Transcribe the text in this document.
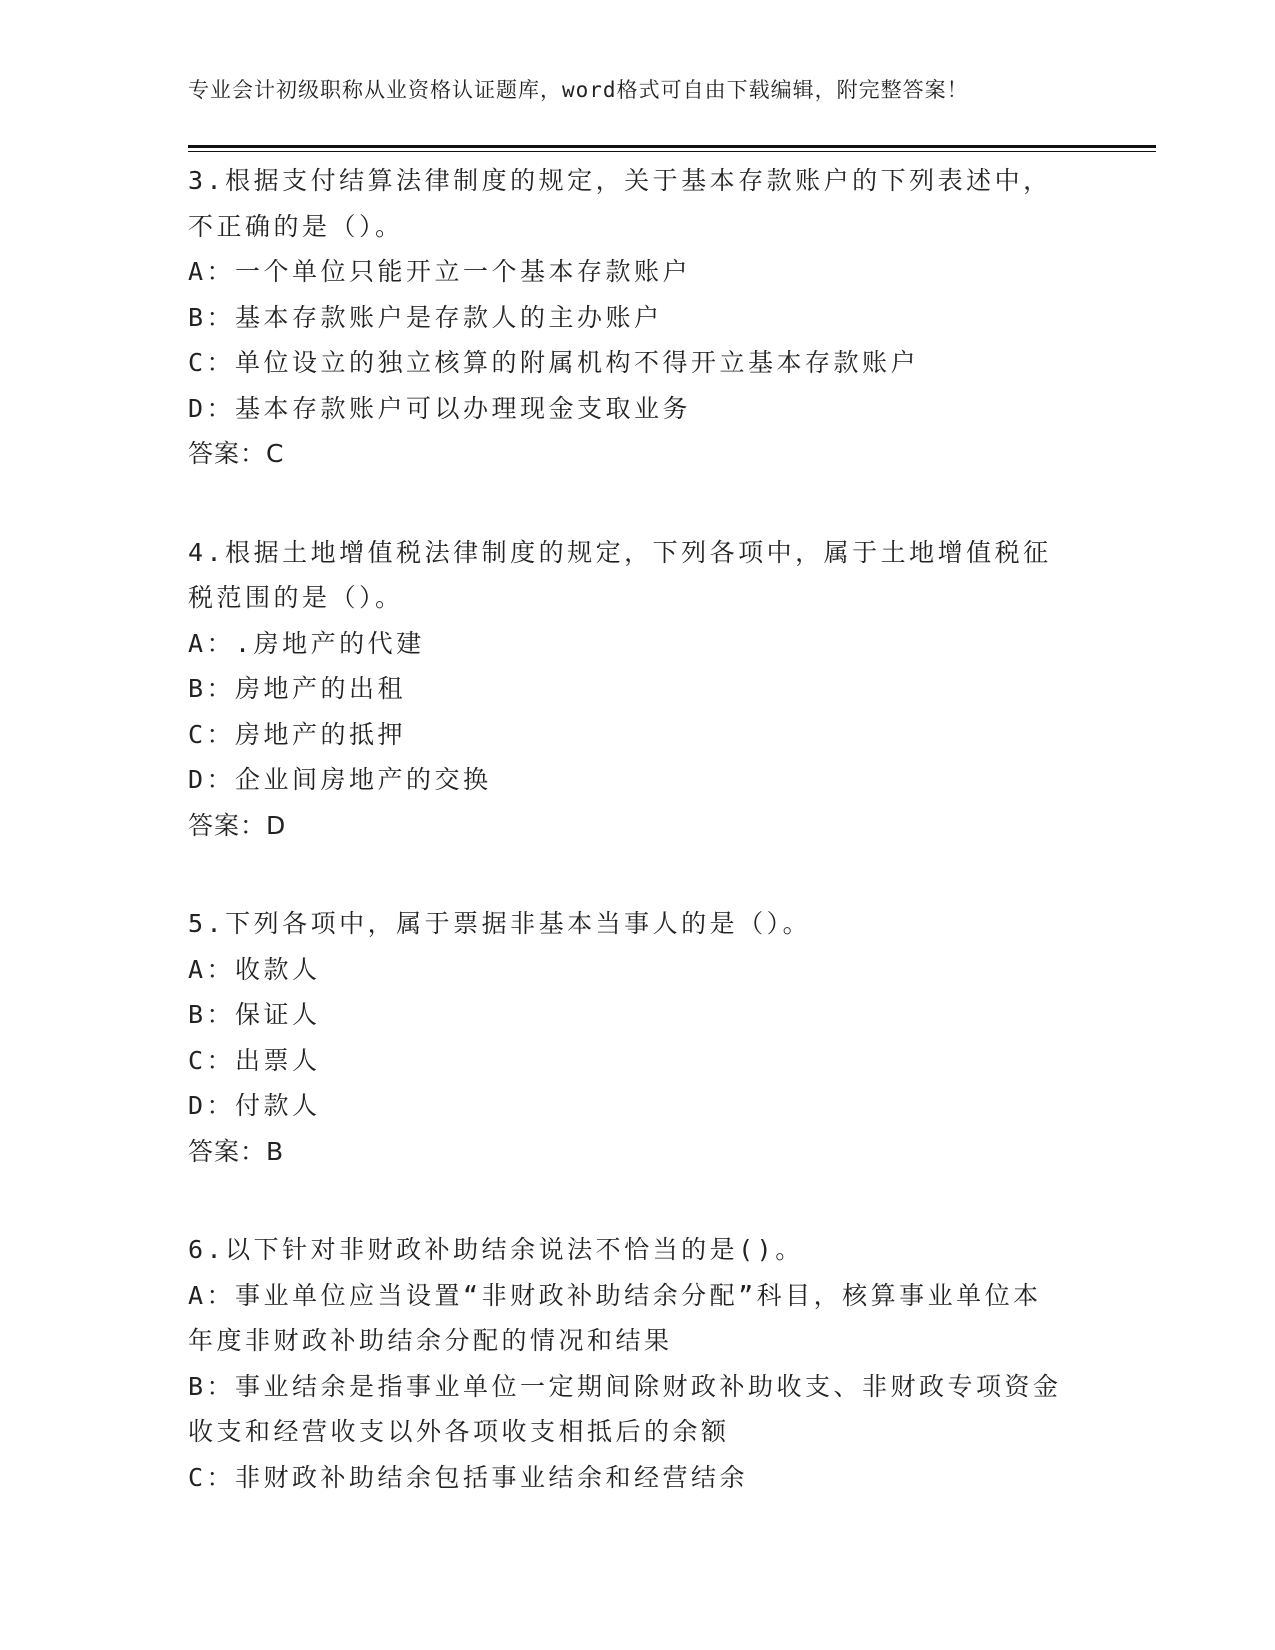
专业会计初级职称从业资格认证题库，word格式可自由下载编辑，附完整答案！
3.根据支付结算法律制度的规定，关于基本存款账户的下列表述中，
不正确的是（）。
A：一个单位只能开立一个基本存款账户
B：基本存款账户是存款人的主办账户
C：单位设立的独立核算的附属机构不得开立基本存款账户
D：基本存款账户可以办理现金支取业务
答案：C
4.根据土地增值税法律制度的规定，下列各项中，属于土地增值税征
税范围的是（）。
A：.房地产的代建
B：房地产的出租
C：房地产的抵押
D：企业间房地产的交换
答案：D
5.下列各项中，属于票据非基本当事人的是（）。
A：收款人
B：保证人
C：出票人
D：付款人
答案：B
6.以下针对非财政补助结余说法不恰当的是()。
A：事业单位应当设置“非财政补助结余分配”科目，核算事业单位本
年度非财政补助结余分配的情况和结果
B：事业结余是指事业单位一定期间除财政补助收支、非财政专项资金
收支和经营收支以外各项收支相抵后的余额
C：非财政补助结余包括事业结余和经营结余
